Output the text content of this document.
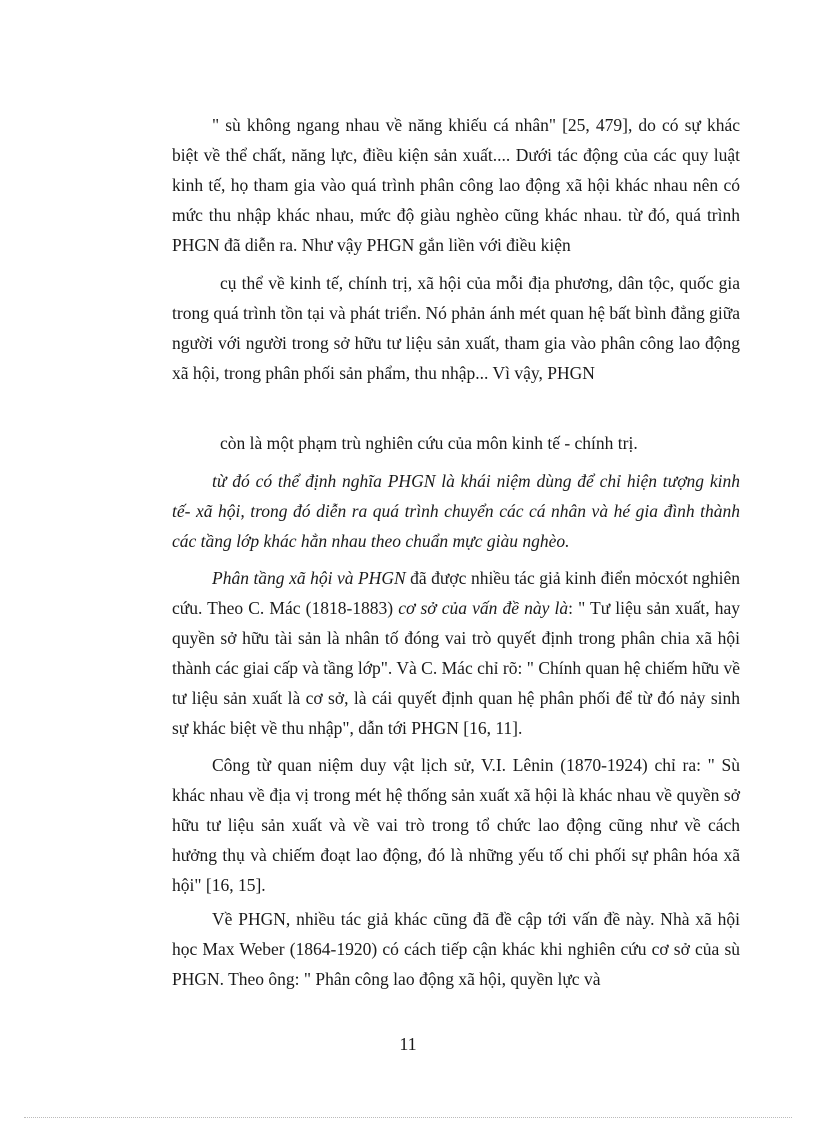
" sù không ngang nhau về năng khiếu cá nhân" [25, 479], do có sự khác biệt về thể chất, năng lực, điều kiện sản xuất.... Dưới tác động của các quy luật kinh tế, họ tham gia vào quá trình phân công lao động xã hội khác nhau nên có mức thu nhập khác nhau, mức độ giàu nghèo cũng khác nhau. từ đó, quá trình PHGN đã diễn ra. Như vậy PHGN gắn liền với điều kiện

cụ thể về kinh tế, chính trị, xã hội của mỗi địa phương, dân tộc, quốc gia trong quá trình tồn tại và phát triển. Nó phản ánh mét quan hệ bất bình đẳng giữa người với người trong sở hữu tư liệu sản xuất, tham gia vào phân công lao động xã hội, trong phân phối sản phẩm, thu nhập... Vì vậy, PHGN

còn là một phạm trù nghiên cứu của môn kinh tế - chính trị.

từ đó có thể định nghĩa PHGN là khái niệm dùng để chỉ hiện tượng kinh tế- xã hội, trong đó diễn ra quá trình chuyển các cá nhân và hé gia đình thành các tầng lớp khác hẳn nhau theo chuẩn mực giàu nghèo.

Phân tầng xã hội và PHGN đã được nhiều tác giả kinh điển mỏcxót nghiên cứu. Theo C. Mác (1818-1883) cơ sở của vấn đề này là: " Tư liệu sản xuất, hay quyền sở hữu tài sản là nhân tố đóng vai trò quyết định trong phân chia xã hội thành các giai cấp và tầng lớp". Và C. Mác chỉ rõ: " Chính quan hệ chiếm hữu về tư liệu sản xuất là cơ sở, là cái quyết định quan hệ phân phối để từ đó nảy sinh sự khác biệt về thu nhập", dẫn tới PHGN [16, 11].

Công từ quan niệm duy vật lịch sử, V.I. Lênin (1870-1924) chỉ ra: " Sù khác nhau về địa vị trong mét hệ thống sản xuất xã hội là khác nhau về quyền sở hữu tư liệu sản xuất và về vai trò trong tổ chức lao động cũng như về cách hưởng thụ và chiếm đoạt lao động, đó là những yếu tố chi phối sự phân hóa xã hội" [16, 15].

Về PHGN, nhiều tác giả khác cũng đã đề cập tới vấn đề này. Nhà xã hội học Max Weber (1864-1920) có cách tiếp cận khác khi nghiên cứu cơ sở của sù PHGN. Theo ông: " Phân công lao động xã hội, quyền lực và

11
